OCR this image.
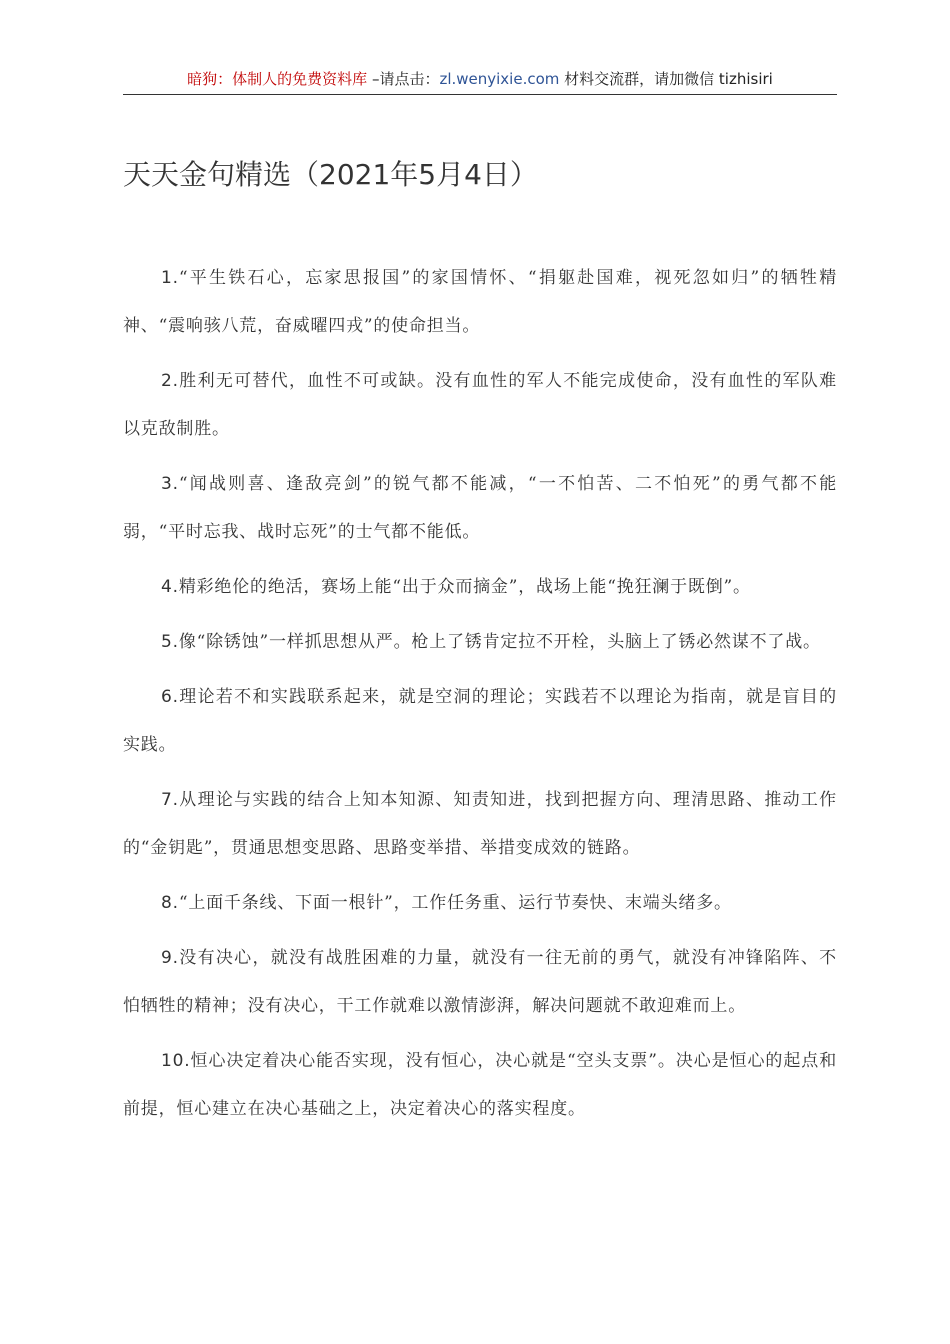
暗狗：体制人的免费资料库 –请点击：zl.wenyixie.com 材料交流群，请加微信 tizhisiri
天天金句精选（2021年5月4日）

1.“平生铁石心，忘家思报国”的家国情怀、“捐躯赴国难，视死忽如归”的牺牲精神、“震响骇八荒，奋威曜四戎”的使命担当。

2.胜利无可替代，血性不可或缺。没有血性的军人不能完成使命，没有血性的军队难以克敌制胜。

3.“闻战则喜、逢敌亮剑”的锐气都不能减，“一不怕苦、二不怕死”的勇气都不能弱，“平时忘我、战时忘死”的士气都不能低。

4.精彩绝伦的绝活，赛场上能“出于众而摘金”，战场上能“挽狂澜于既倒”。

5.像“除锈蚀”一样抓思想从严。枪上了锈肯定拉不开栓，头脑上了锈必然谋不了战。

6.理论若不和实践联系起来，就是空洞的理论；实践若不以理论为指南，就是盲目的实践。

7.从理论与实践的结合上知本知源、知责知进，找到把握方向、理清思路、推动工作的“金钥匙”，贯通思想变思路、思路变举措、举措变成效的链路。

8.“上面千条线、下面一根针”，工作任务重、运行节奏快、末端头绪多。

9.没有决心，就没有战胜困难的力量，就没有一往无前的勇气，就没有冲锋陷阵、不怕牺牲的精神；没有决心，干工作就难以激情澎湃，解决问题就不敢迎难而上。

10.恒心决定着决心能否实现，没有恒心，决心就是“空头支票”。决心是恒心的起点和前提，恒心建立在决心基础之上，决定着决心的落实程度。
